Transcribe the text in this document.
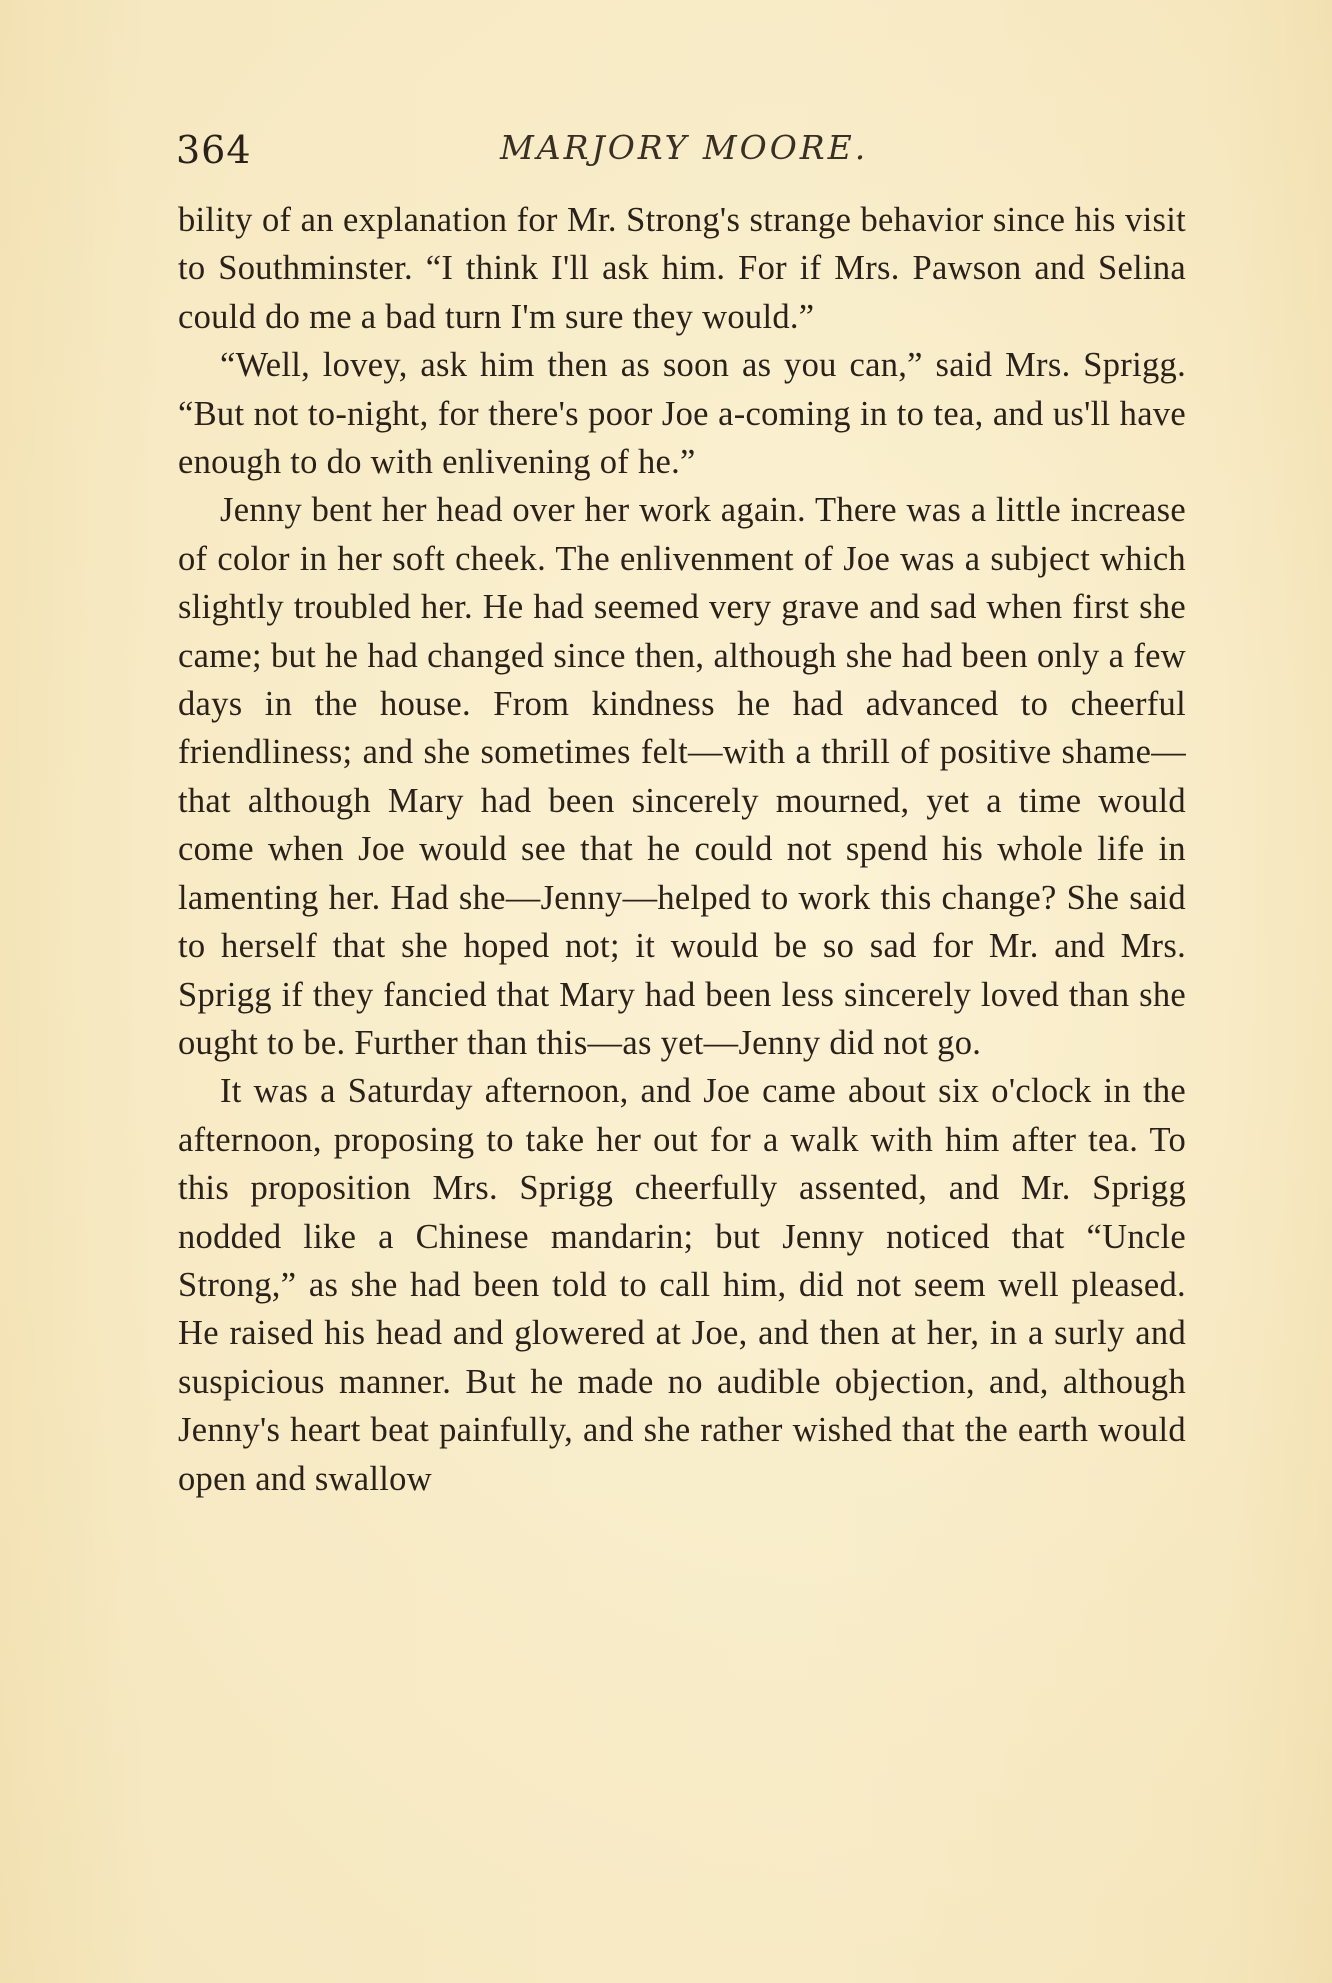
364	MARJORY MOORE.

bility of an explanation for Mr. Strong's strange behavior since his visit to Southminster. “I think I'll ask him. For if Mrs. Pawson and Selina could do me a bad turn I'm sure they would.”

“Well, lovey, ask him then as soon as you can,” said Mrs. Sprigg. “But not to-night, for there's poor Joe a-coming in to tea, and us'll have enough to do with enlivening of he.”

Jenny bent her head over her work again. There was a little increase of color in her soft cheek. The enlivenment of Joe was a subject which slightly troubled her. He had seemed very grave and sad when first she came; but he had changed since then, although she had been only a few days in the house. From kindness he had advanced to cheerful friendliness; and she sometimes felt—with a thrill of positive shame—that although Mary had been sincerely mourned, yet a time would come when Joe would see that he could not spend his whole life in lamenting her. Had she—Jenny—helped to work this change? She said to herself that she hoped not; it would be so sad for Mr. and Mrs. Sprigg if they fancied that Mary had been less sincerely loved than she ought to be. Further than this—as yet—Jenny did not go.

It was a Saturday afternoon, and Joe came about six o'clock in the afternoon, proposing to take her out for a walk with him after tea. To this proposition Mrs. Sprigg cheerfully assented, and Mr. Sprigg nodded like a Chinese mandarin; but Jenny noticed that “Uncle Strong,” as she had been told to call him, did not seem well pleased. He raised his head and glowered at Joe, and then at her, in a surly and suspicious manner. But he made no audible objection, and, although Jenny's heart beat painfully, and she rather wished that the earth would open and swallow
